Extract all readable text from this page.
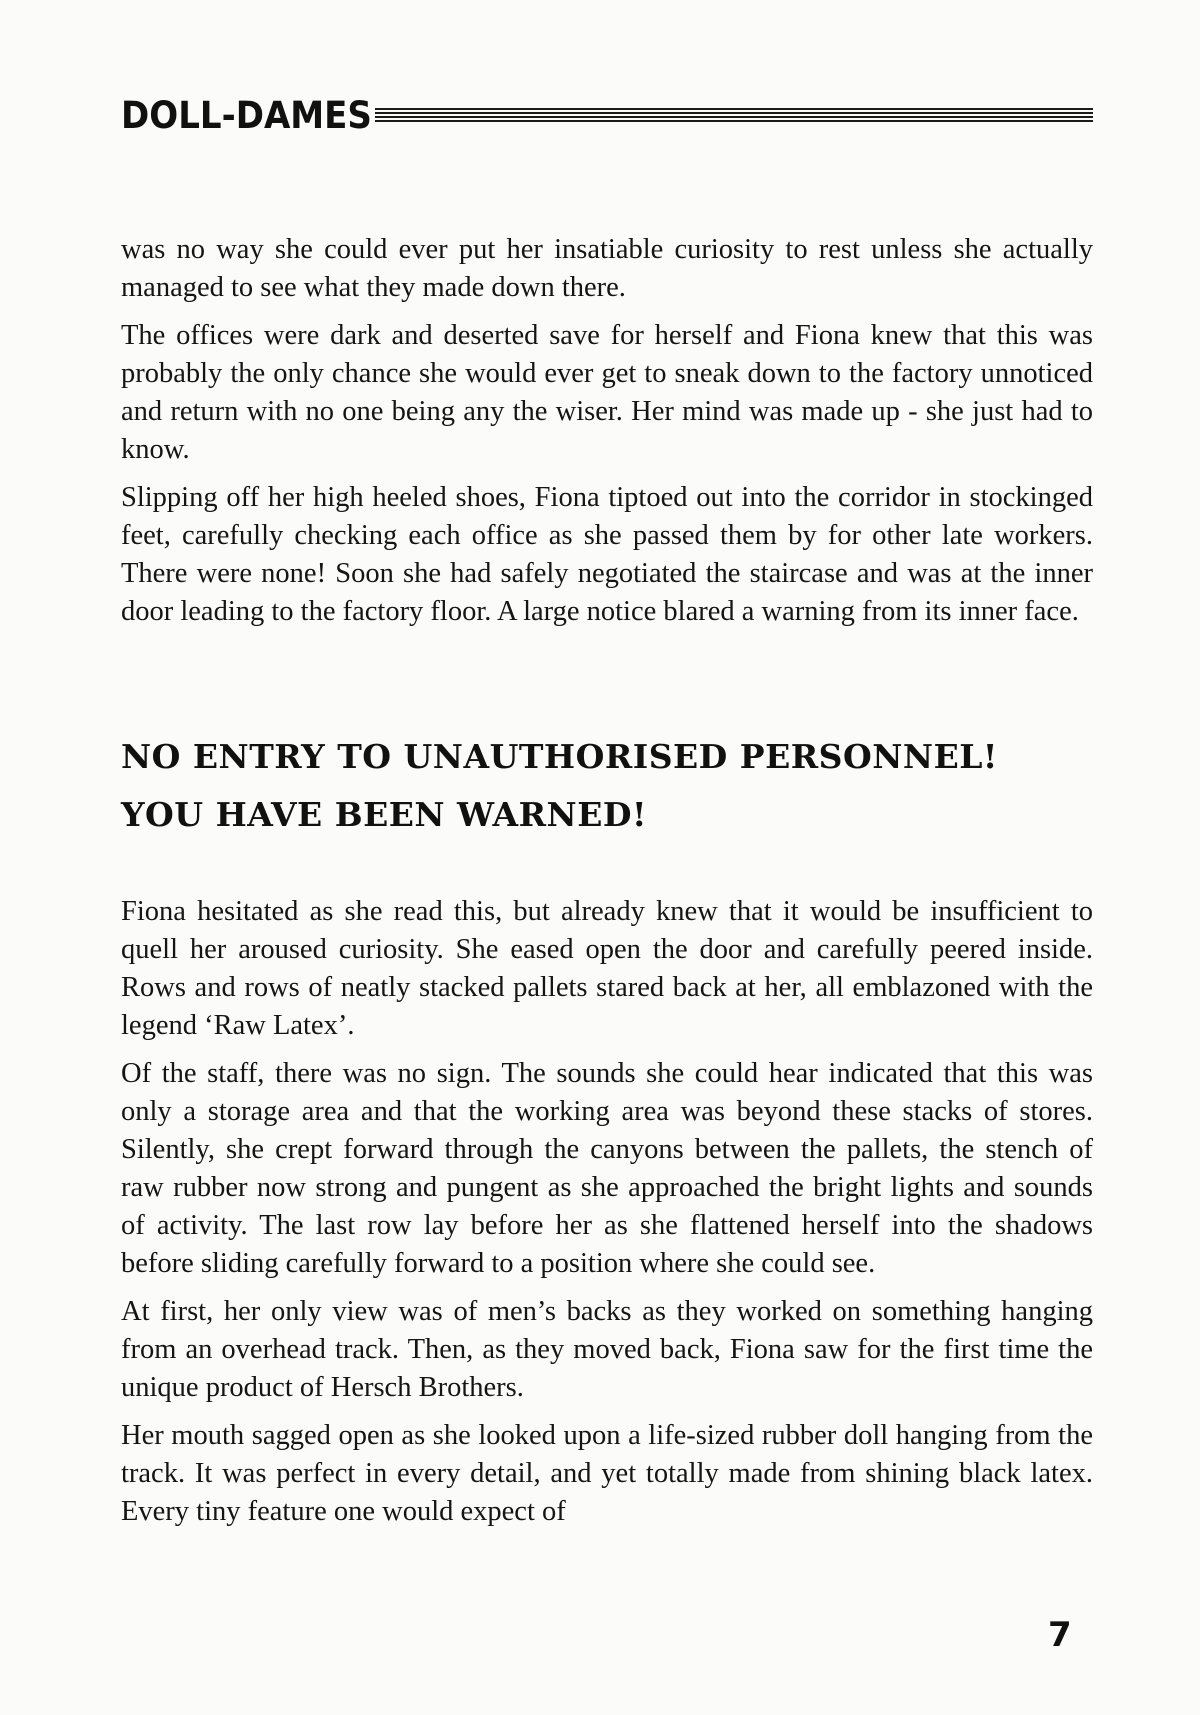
DOLL-DAMES

was no way she could ever put her insatiable curiosity to rest unless she actually managed to see what they made down there.

The offices were dark and deserted save for herself and Fiona knew that this was probably the only chance she would ever get to sneak down to the factory unnoticed and return with no one being any the wiser. Her mind was made up - she just had to know.

Slipping off her high heeled shoes, Fiona tiptoed out into the corridor in stockinged feet, carefully checking each office as she passed them by for other late workers. There were none! Soon she had safely negotiated the staircase and was at the inner door leading to the factory floor. A large notice blared a warning from its inner face.

NO ENTRY TO UNAUTHORISED PERSONNEL!
YOU HAVE BEEN WARNED!

Fiona hesitated as she read this, but already knew that it would be insufficient to quell her aroused curiosity. She eased open the door and carefully peered inside. Rows and rows of neatly stacked pallets stared back at her, all emblazoned with the legend ‘Raw Latex’.

Of the staff, there was no sign. The sounds she could hear indicated that this was only a storage area and that the working area was beyond these stacks of stores. Silently, she crept forward through the canyons between the pallets, the stench of raw rubber now strong and pungent as she approached the bright lights and sounds of activity. The last row lay before her as she flattened herself into the shadows before sliding carefully forward to a position where she could see.

At first, her only view was of men’s backs as they worked on something hanging from an overhead track. Then, as they moved back, Fiona saw for the first time the unique product of Hersch Brothers.

Her mouth sagged open as she looked upon a life-sized rubber doll hanging from the track. It was perfect in every detail, and yet totally made from shining black latex. Every tiny feature one would expect of

7
